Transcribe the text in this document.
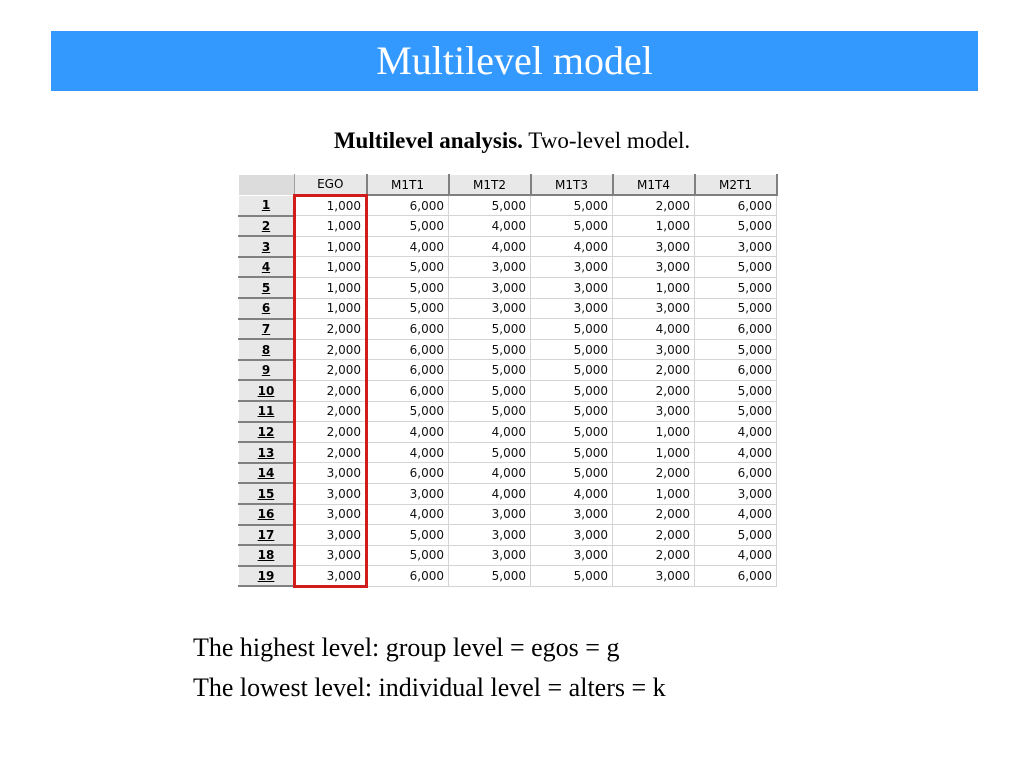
Multilevel model
Multilevel analysis. Two-level model.
	EGO	M1T1	M1T2	M1T3	M1T4	M2T1
1	1,000	6,000	5,000	5,000	2,000	6,000
2	1,000	5,000	4,000	5,000	1,000	5,000
3	1,000	4,000	4,000	4,000	3,000	3,000
4	1,000	5,000	3,000	3,000	3,000	5,000
5	1,000	5,000	3,000	3,000	1,000	5,000
6	1,000	5,000	3,000	3,000	3,000	5,000
7	2,000	6,000	5,000	5,000	4,000	6,000
8	2,000	6,000	5,000	5,000	3,000	5,000
9	2,000	6,000	5,000	5,000	2,000	6,000
10	2,000	6,000	5,000	5,000	2,000	5,000
11	2,000	5,000	5,000	5,000	3,000	5,000
12	2,000	4,000	4,000	5,000	1,000	4,000
13	2,000	4,000	5,000	5,000	1,000	4,000
14	3,000	6,000	4,000	5,000	2,000	6,000
15	3,000	3,000	4,000	4,000	1,000	3,000
16	3,000	4,000	3,000	3,000	2,000	4,000
17	3,000	5,000	3,000	3,000	2,000	5,000
18	3,000	5,000	3,000	3,000	2,000	4,000
19	3,000	6,000	5,000	5,000	3,000	6,000
The highest level: group level = egos = g
The lowest level: individual level = alters = k
